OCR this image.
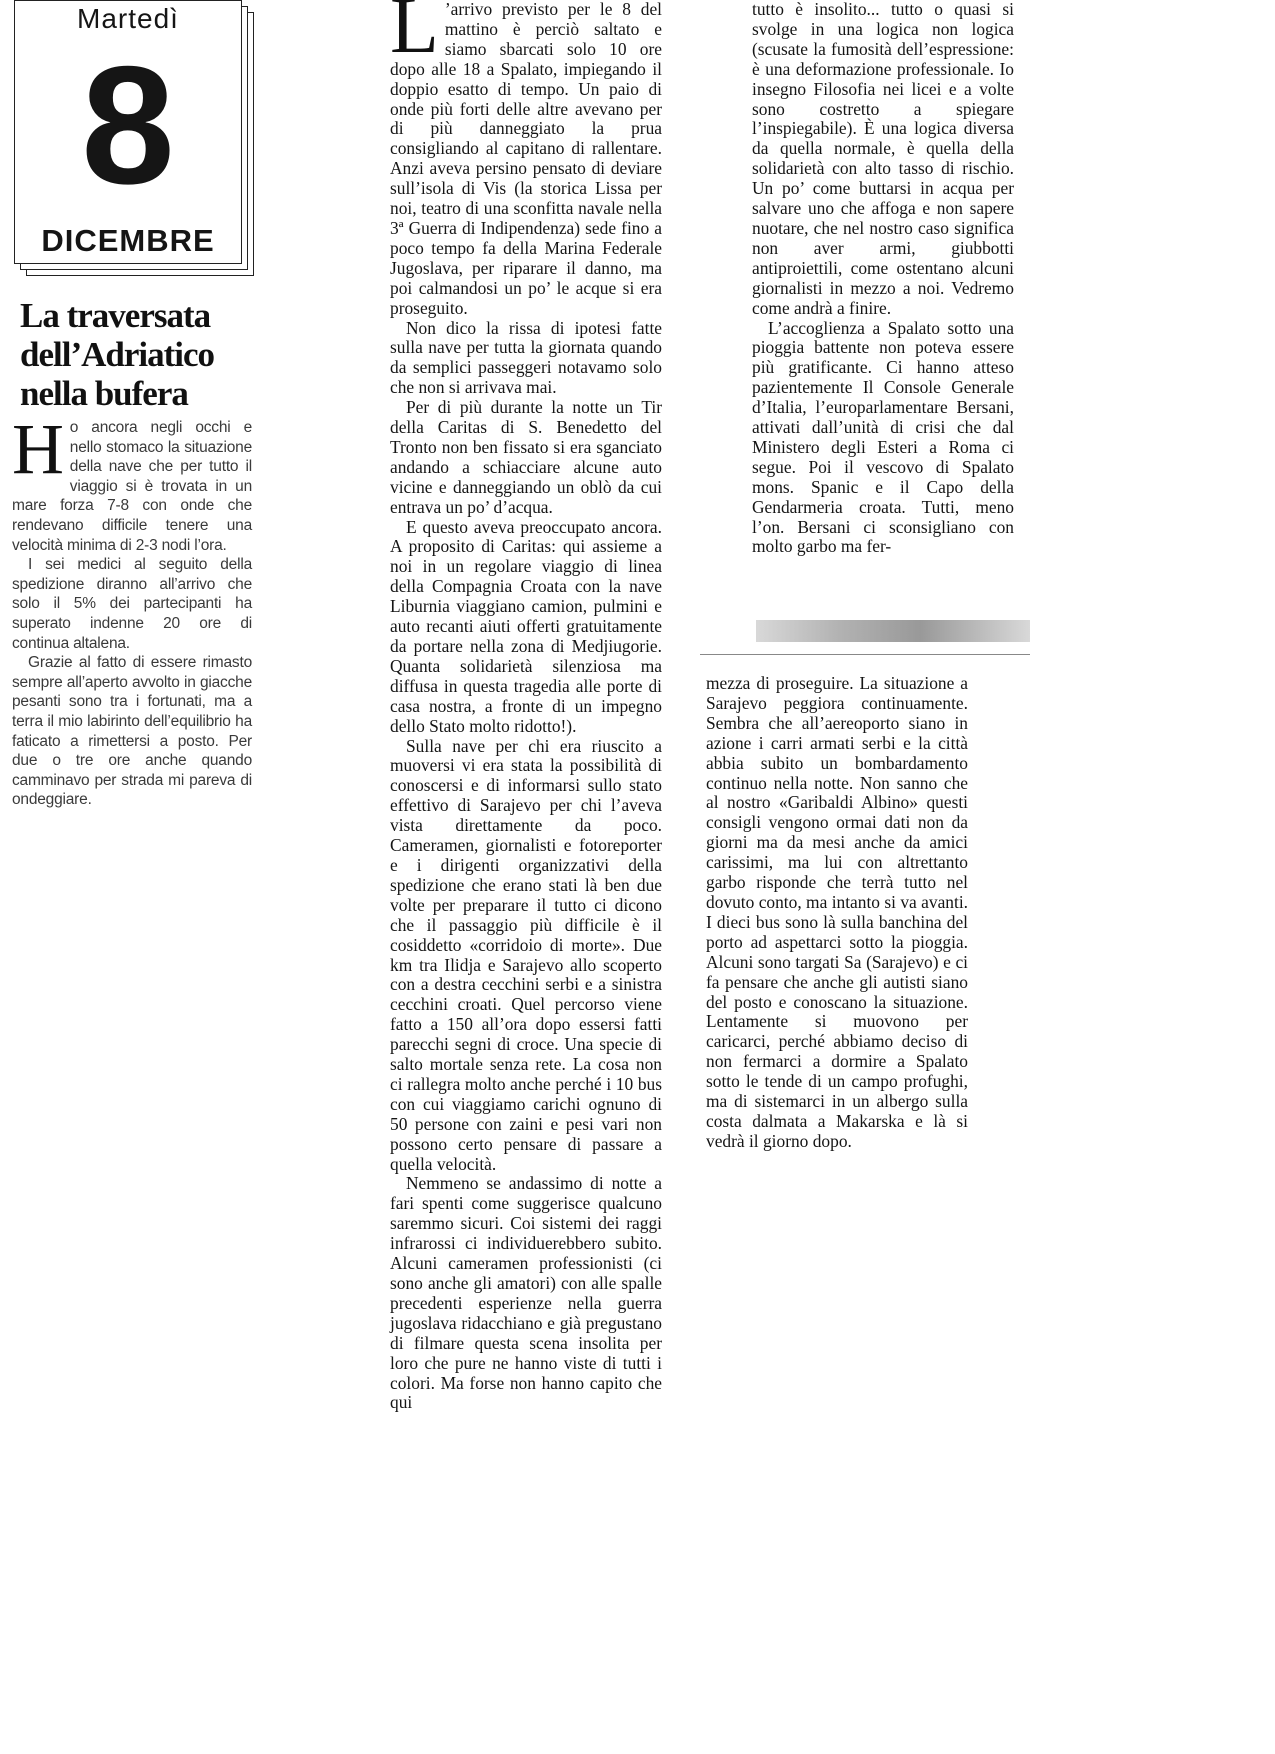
Martedì
8
DICEMBRE
La traversata dell’Adriatico nella bufera

Ho ancora negli occhi e nello stomaco la situazione della nave che per tutto il viaggio si è trovata in un mare forza 7-8 con onde che rendevano difficile tenere una velocità minima di 2-3 nodi l’ora.

I sei medici al seguito della spedizione diranno all’arrivo che solo il 5% dei partecipanti ha superato indenne 20 ore di continua altalena.

Grazie al fatto di essere rimasto sempre all’aperto avvolto in giacche pesanti sono tra i fortunati, ma a terra il mio labirinto dell’equilibrio ha faticato a rimettersi a posto. Per due o tre ore anche quando camminavo per strada mi pareva di ondeggiare.

L ’arrivo previsto per le 8 del mattino è perciò saltato e siamo sbarcati solo 10 ore dopo alle 18 a Spalato, impiegando il doppio esatto di tempo. Un paio di onde più forti delle altre avevano per di più danneggiato la prua consigliando al capitano di rallentare. Anzi aveva persino pensato di deviare sull’isola di Vis (la storica Lissa per noi, teatro di una sconfitta navale nella 3ª Guerra di Indipendenza) sede fino a poco tempo fa della Marina Federale Jugoslava, per riparare il danno, ma poi calmandosi un po’ le acque si era proseguito.

Non dico la rissa di ipotesi fatte sulla nave per tutta la giornata quando da semplici passeggeri notavamo solo che non si arrivava mai.

Per di più durante la notte un Tir della Caritas di S. Benedetto del Tronto non ben fissato si era sganciato andando a schiacciare alcune auto vicine e danneggiando un oblò da cui entrava un po’ d’acqua.

E questo aveva preoccupato ancora. A proposito di Caritas: qui assieme a noi in un regolare viaggio di linea della Compagnia Croata con la nave Liburnia viaggiano camion, pulmini e auto recanti aiuti offerti gratuitamente da portare nella zona di Medjiugorie. Quanta solidarietà silenziosa ma diffusa in questa tragedia alle porte di casa nostra, a fronte di un impegno dello Stato molto ridotto!).

Sulla nave per chi era riuscito a muoversi vi era stata la possibilità di conoscersi e di informarsi sullo stato effettivo di Sarajevo per chi l’aveva vista direttamente da poco. Cameramen, giornalisti e fotoreporter e i dirigenti organizzativi della spedizione che erano stati là ben due volte per preparare il tutto ci dicono che il passaggio più difficile è il cosiddetto «corridoio di morte». Due km tra Ilidja e Sarajevo allo scoperto con a destra cecchini serbi e a sinistra cecchini croati. Quel percorso viene fatto a 150 all’ora dopo essersi fatti parecchi segni di croce. Una specie di salto mortale senza rete. La cosa non ci rallegra molto anche perché i 10 bus con cui viaggiamo carichi ognuno di 50 persone con zaini e pesi vari non possono certo pensare di passare a quella velocità.

Nemmeno se andassimo di notte a fari spenti come suggerisce qualcuno saremmo sicuri. Coi sistemi dei raggi infrarossi ci individuerebbero subito. Alcuni cameramen professionisti (ci sono anche gli amatori) con alle spalle precedenti esperienze nella guerra jugoslava ridacchiano e già pregustano di filmare questa scena insolita per loro che pure ne hanno viste di tutti i colori. Ma forse non hanno capito che qui

tutto è insolito... tutto o quasi si svolge in una logica non logica (scusate la fumosità dell’espressione: è una deformazione professionale. Io insegno Filosofia nei licei e a volte sono costretto a spiegare l’inspiegabile). È una logica diversa da quella normale, è quella della solidarietà con alto tasso di rischio. Un po’ come buttarsi in acqua per salvare uno che affoga e non sapere nuotare, che nel nostro caso significa non aver armi, giubbotti antiproiettili, come ostentano alcuni giornalisti in mezzo a noi. Vedremo come andrà a finire.

L’accoglienza a Spalato sotto una pioggia battente non poteva essere più gratificante. Ci hanno atteso pazientemente Il Console Generale d’Italia, l’europarlamentare Bersani, attivati dall’unità di crisi che dal Ministero degli Esteri a Roma ci segue. Poi il vescovo di Spalato mons. Spanic e il Capo della Gendarmeria croata. Tutti, meno l’on. Bersani ci sconsigliano con molto garbo ma fer-

mezza di proseguire. La situazione a Sarajevo peggiora continuamente. Sembra che all’aereoporto siano in azione i carri armati serbi e la città abbia subito un bombardamento continuo nella notte. Non sanno che al nostro «Garibaldi Albino» questi consigli vengono ormai dati non da giorni ma da mesi anche da amici carissimi, ma lui con altrettanto garbo risponde che terrà tutto nel dovuto conto, ma intanto si va avanti. I dieci bus sono là sulla banchina del porto ad aspettarci sotto la pioggia. Alcuni sono targati Sa (Sarajevo) e ci fa pensare che anche gli autisti siano del posto e conoscano la situazione. Lentamente si muovono per caricarci, perché abbiamo deciso di non fermarci a dormire a Spalato sotto le tende di un campo profughi, ma di sistemarci in un albergo sulla costa dalmata a Makarska e là si vedrà il giorno dopo.
